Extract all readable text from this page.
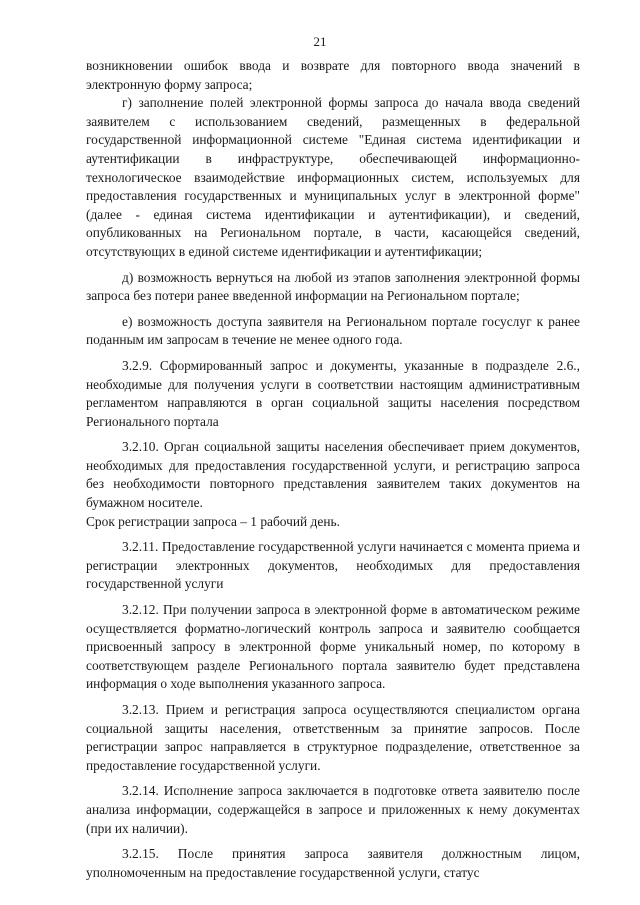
21

возникновении ошибок ввода и возврате для повторного ввода значений в электронную форму запроса;

г) заполнение полей электронной формы запроса до начала ввода сведений заявителем с использованием сведений, размещенных в федеральной государственной информационной системе "Единая система идентификации и аутентификации в инфраструктуре, обеспечивающей информационно-технологическое взаимодействие информационных систем, используемых для предоставления государственных и муниципальных услуг в электронной форме" (далее - единая система идентификации и аутентификации), и сведений, опубликованных на Региональном портале, в части, касающейся сведений, отсутствующих в единой системе идентификации и аутентификации;

д) возможность вернуться на любой из этапов заполнения электронной формы запроса без потери ранее введенной информации на Региональном портале;

е) возможность доступа заявителя на Региональном портале госуслуг к ранее поданным им запросам в течение не менее одного года.

3.2.9. Сформированный запрос и документы, указанные в подразделе 2.6., необходимые для получения услуги в соответствии настоящим административным регламентом направляются в орган социальной защиты населения посредством Регионального портала

3.2.10. Орган социальной защиты населения обеспечивает прием документов, необходимых для предоставления государственной услуги, и регистрацию запроса без необходимости повторного представления заявителем таких документов на бумажном носителе.

Срок регистрации запроса – 1 рабочий день.

3.2.11. Предоставление государственной услуги начинается с момента приема и регистрации электронных документов, необходимых для предоставления государственной услуги

3.2.12. При получении запроса в электронной форме в автоматическом режиме осуществляется форматно-логический контроль запроса и заявителю сообщается присвоенный запросу в электронной форме уникальный номер, по которому в соответствующем разделе Регионального портала заявителю будет представлена информация о ходе выполнения указанного запроса.

3.2.13. Прием и регистрация запроса осуществляются специалистом органа социальной защиты населения, ответственным за принятие запросов. После регистрации запрос направляется в структурное подразделение, ответственное за предоставление государственной услуги.

3.2.14. Исполнение запроса заключается в подготовке ответа заявителю после анализа информации, содержащейся в запросе и приложенных к нему документах (при их наличии).

3.2.15. После принятия запроса заявителя должностным лицом, уполномоченным на предоставление государственной услуги, статус
